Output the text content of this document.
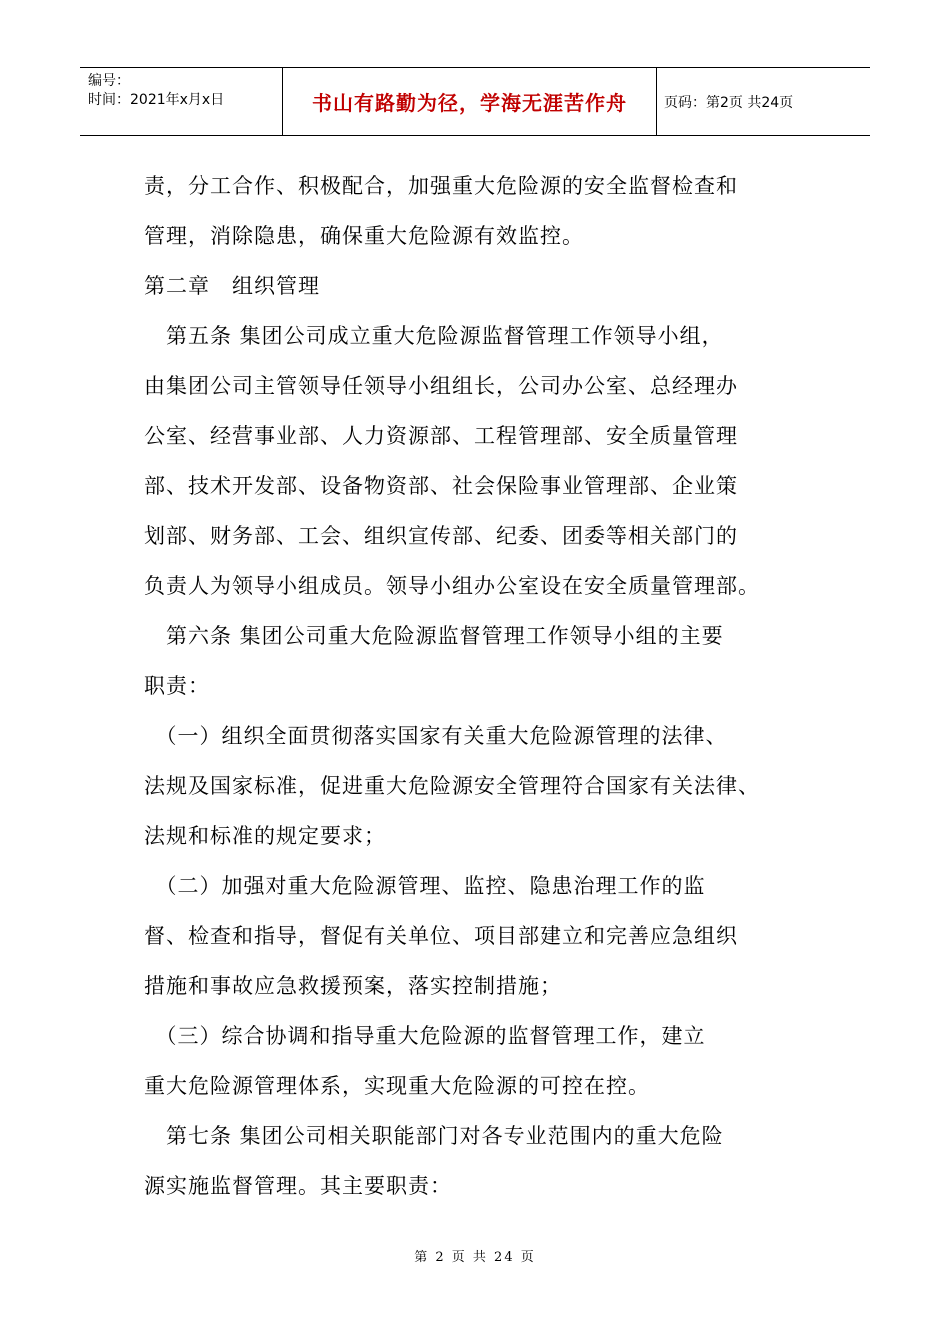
编号：
时间：2021年x月x日	书山有路勤为径，学海无涯苦作舟	页码：第2页 共24页
责，分工合作、积极配合，加强重大危险源的安全监督检查和
管理，消除隐患，确保重大危险源有效监控。
第二章　组织管理
　第五条 集团公司成立重大危险源监督管理工作领导小组，
由集团公司主管领导任领导小组组长，公司办公室、总经理办
公室、经营事业部、人力资源部、工程管理部、安全质量管理
部、技术开发部、设备物资部、社会保险事业管理部、企业策
划部、财务部、工会、组织宣传部、纪委、团委等相关部门的
负责人为领导小组成员。领导小组办公室设在安全质量管理部。
　第六条 集团公司重大危险源监督管理工作领导小组的主要
职责：
　（一）组织全面贯彻落实国家有关重大危险源管理的法律、
法规及国家标准，促进重大危险源安全管理符合国家有关法律、
法规和标准的规定要求；
　（二）加强对重大危险源管理、监控、隐患治理工作的监
督、检查和指导，督促有关单位、项目部建立和完善应急组织
措施和事故应急救援预案，落实控制措施；
　（三）综合协调和指导重大危险源的监督管理工作，建立
重大危险源管理体系，实现重大危险源的可控在控。
　第七条 集团公司相关职能部门对各专业范围内的重大危险
源实施监督管理。其主要职责：
第 2 页 共 24 页
